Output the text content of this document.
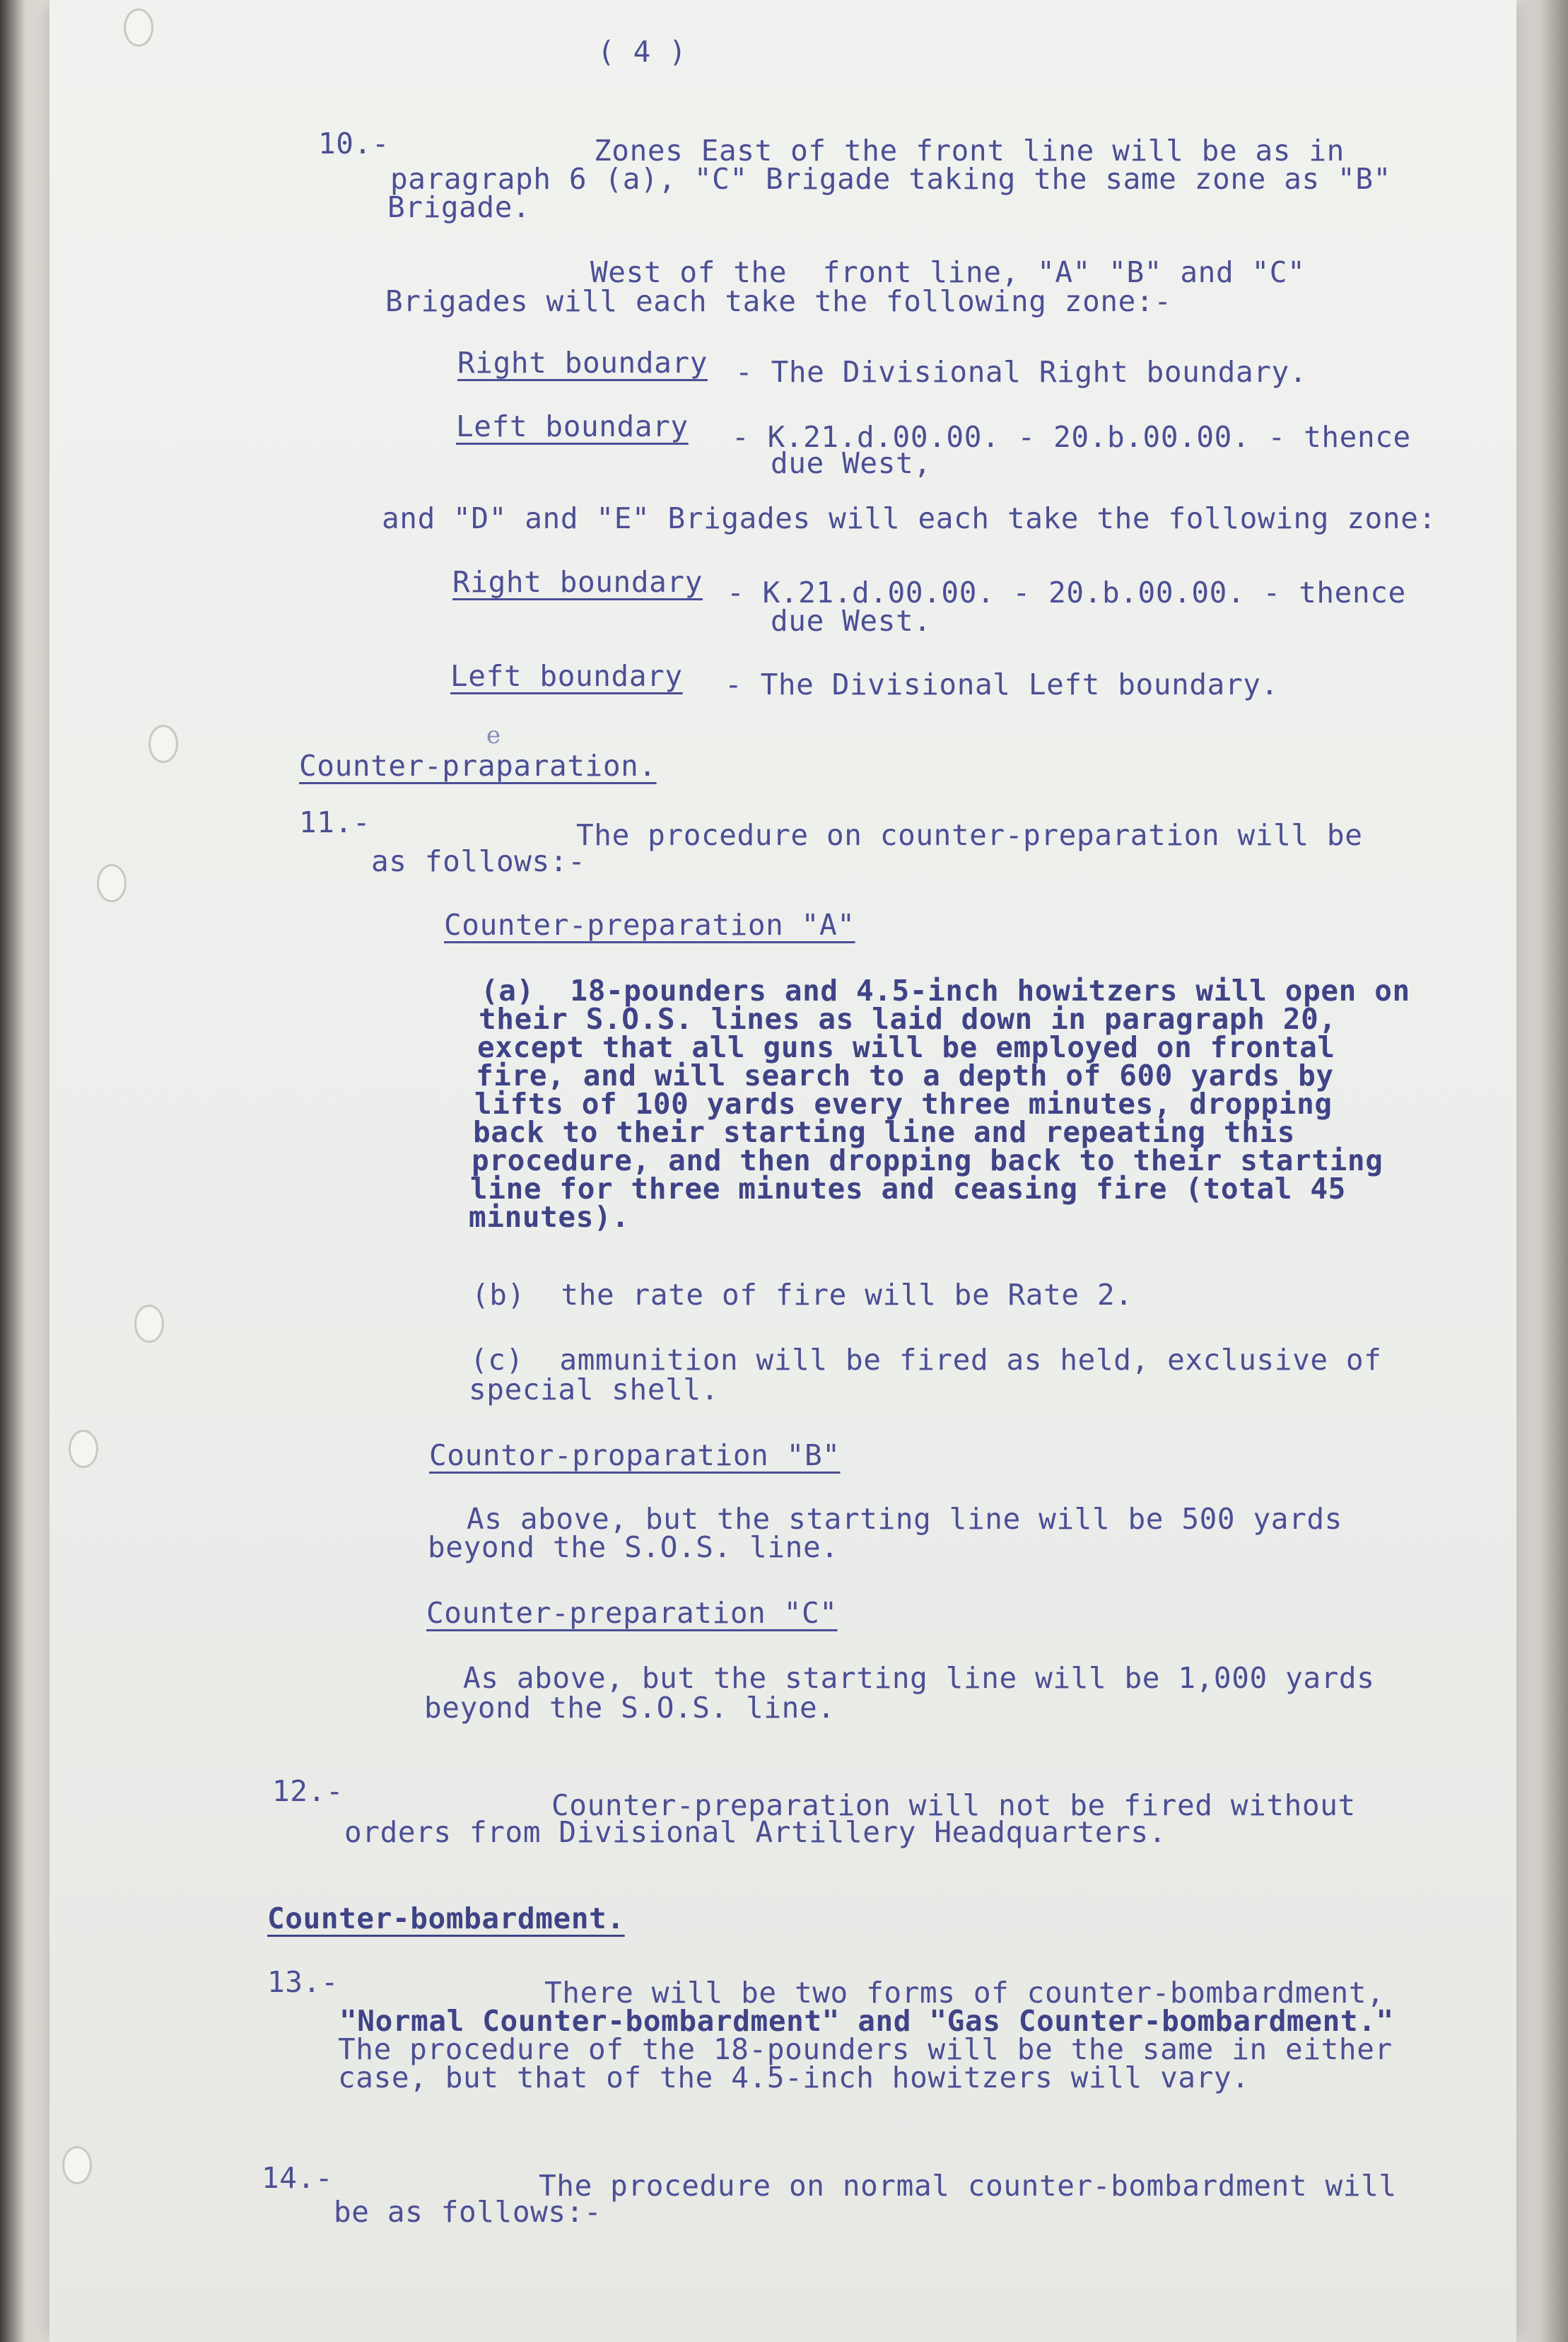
( 4 )
10.-	Zones East of the front line will be as in
paragraph 6 (a), "C" Brigade taking the same zone as "B"
Brigade.
West of the  front line, "A" "B" and "C"
Brigades will each take the following zone:-
Right boundary - The Divisional Right boundary.
Left boundary - K.21.d.00.00. - 20.b.00.00. - thence
due West,
and "D" and "E" Brigades will each take the following zone:
Right boundary - K.21.d.00.00. - 20.b.00.00. - thence
due West.
Left boundary - The Divisional Left boundary.
e
Counter-praparation.
11.-	The procedure on counter-preparation will be
as follows:-
Counter-preparation "A"
(a)  18-pounders and 4.5-inch howitzers will open on
their S.O.S. lines as laid down in paragraph 20,
except that all guns will be employed on frontal
fire, and will search to a depth of 600 yards by
lifts of 100 yards every three minutes, dropping
back to their starting line and repeating this
procedure, and then dropping back to their starting
line for three minutes and ceasing fire (total 45
minutes).
(b)  the rate of fire will be Rate 2.
(c)  ammunition will be fired as held, exclusive of
special shell.
Countor-proparation "B"
As above, but the starting line will be 500 yards
beyond the S.O.S. line.
Counter-preparation "C"
As above, but the starting line will be 1,000 yards
beyond the S.O.S. line.
12.-	Counter-preparation will not be fired without
orders from Divisional Artillery Headquarters.
Counter-bombardment.
13.-	There will be two forms of counter-bombardment,
"Normal Counter-bombardment" and "Gas Counter-bombardment."
The procedure of the 18-pounders will be the same in either
case, but that of the 4.5-inch howitzers will vary.
14.-	The procedure on normal counter-bombardment will
be as follows:-
